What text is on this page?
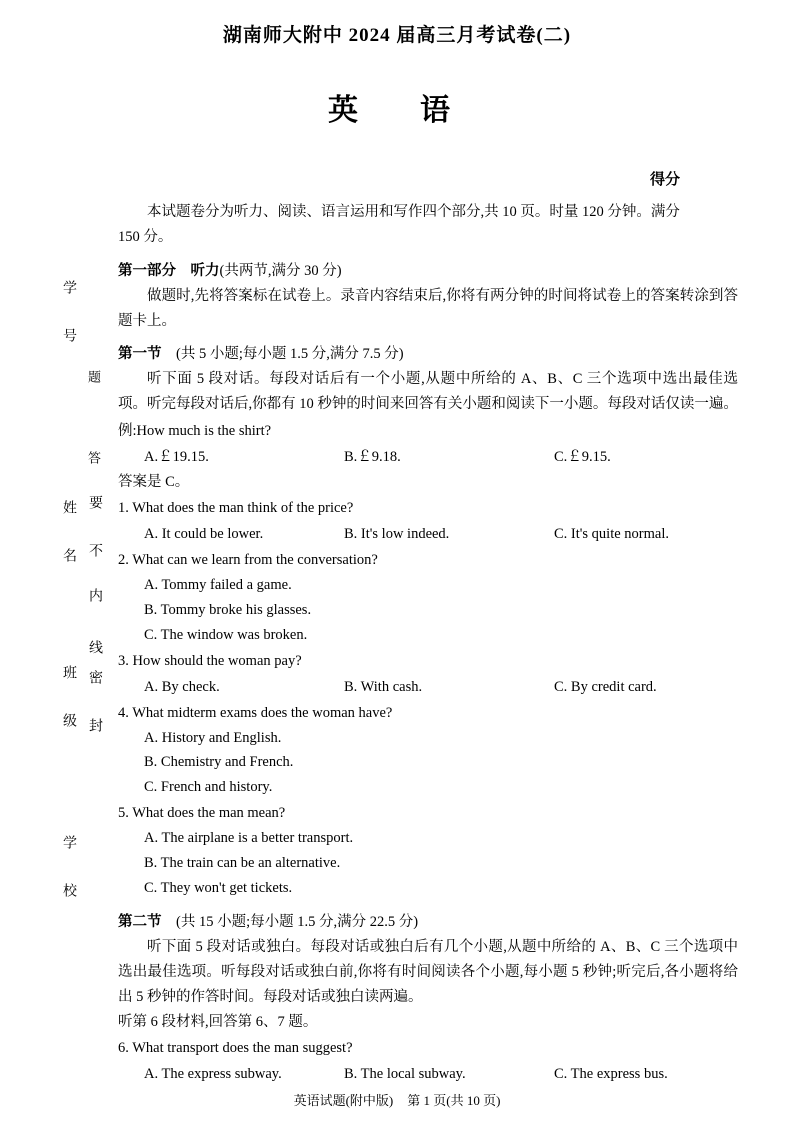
湖南师大附中 2024 届高三月考试卷(二)
英　语
学　号
题　　答
姓　名 要　不
内
线
班　级 密　封
学　校
得分

本试题卷分为听力、阅读、语言运用和写作四个部分,共 10 页。时量 120 分钟。满分

150 分。

第一部分　听力(共两节,满分 30 分)

做题时,先将答案标在试卷上。录音内容结束后,你将有两分钟的时间将试卷上的答案转涂到答题卡上。

第一节　 (共 5 小题;每小题 1.5 分,满分 7.5 分)

听下面 5 段对话。每段对话后有一个小题,从题中所给的 A、B、C 三个选项中选出最佳选项。听完每段对话后,你都有 10 秒钟的时间来回答有关小题和阅读下一小题。每段对话仅读一遍。

例:How much is the shirt?

A.￡19.15.	B.￡9.18.	C.￡9.15.

答案是 C。

1. What does the man think of the price?

A. It could be lower.	B. It's low indeed.	C. It's quite normal.

2. What can we learn from the conversation?

A. Tommy failed a game.

B. Tommy broke his glasses.

C. The window was broken.

3. How should the woman pay?

A. By check.	B. With cash.	C. By credit card.

4. What midterm exams does the woman have?

A. History and English.

B. Chemistry and French.

C. French and history.

5. What does the man mean?

A. The airplane is a better transport.

B. The train can be an alternative.

C. They won't get tickets.

第二节　 (共 15 小题;每小题 1.5 分,满分 22.5 分)

听下面 5 段对话或独白。每段对话或独白后有几个小题,从题中所给的 A、B、C 三个选项中选出最佳选项。听每段对话或独白前,你将有时间阅读各个小题,每小题 5 秒钟;听完后,各小题将给出 5 秒钟的作答时间。每段对话或独白读两遍。

听第 6 段材料,回答第 6、7 题。

6. What transport does the man suggest?

A. The express subway.	B. The local subway.	C. The express bus.
英语试题(附中版) 第 1 页(共 10 页)
